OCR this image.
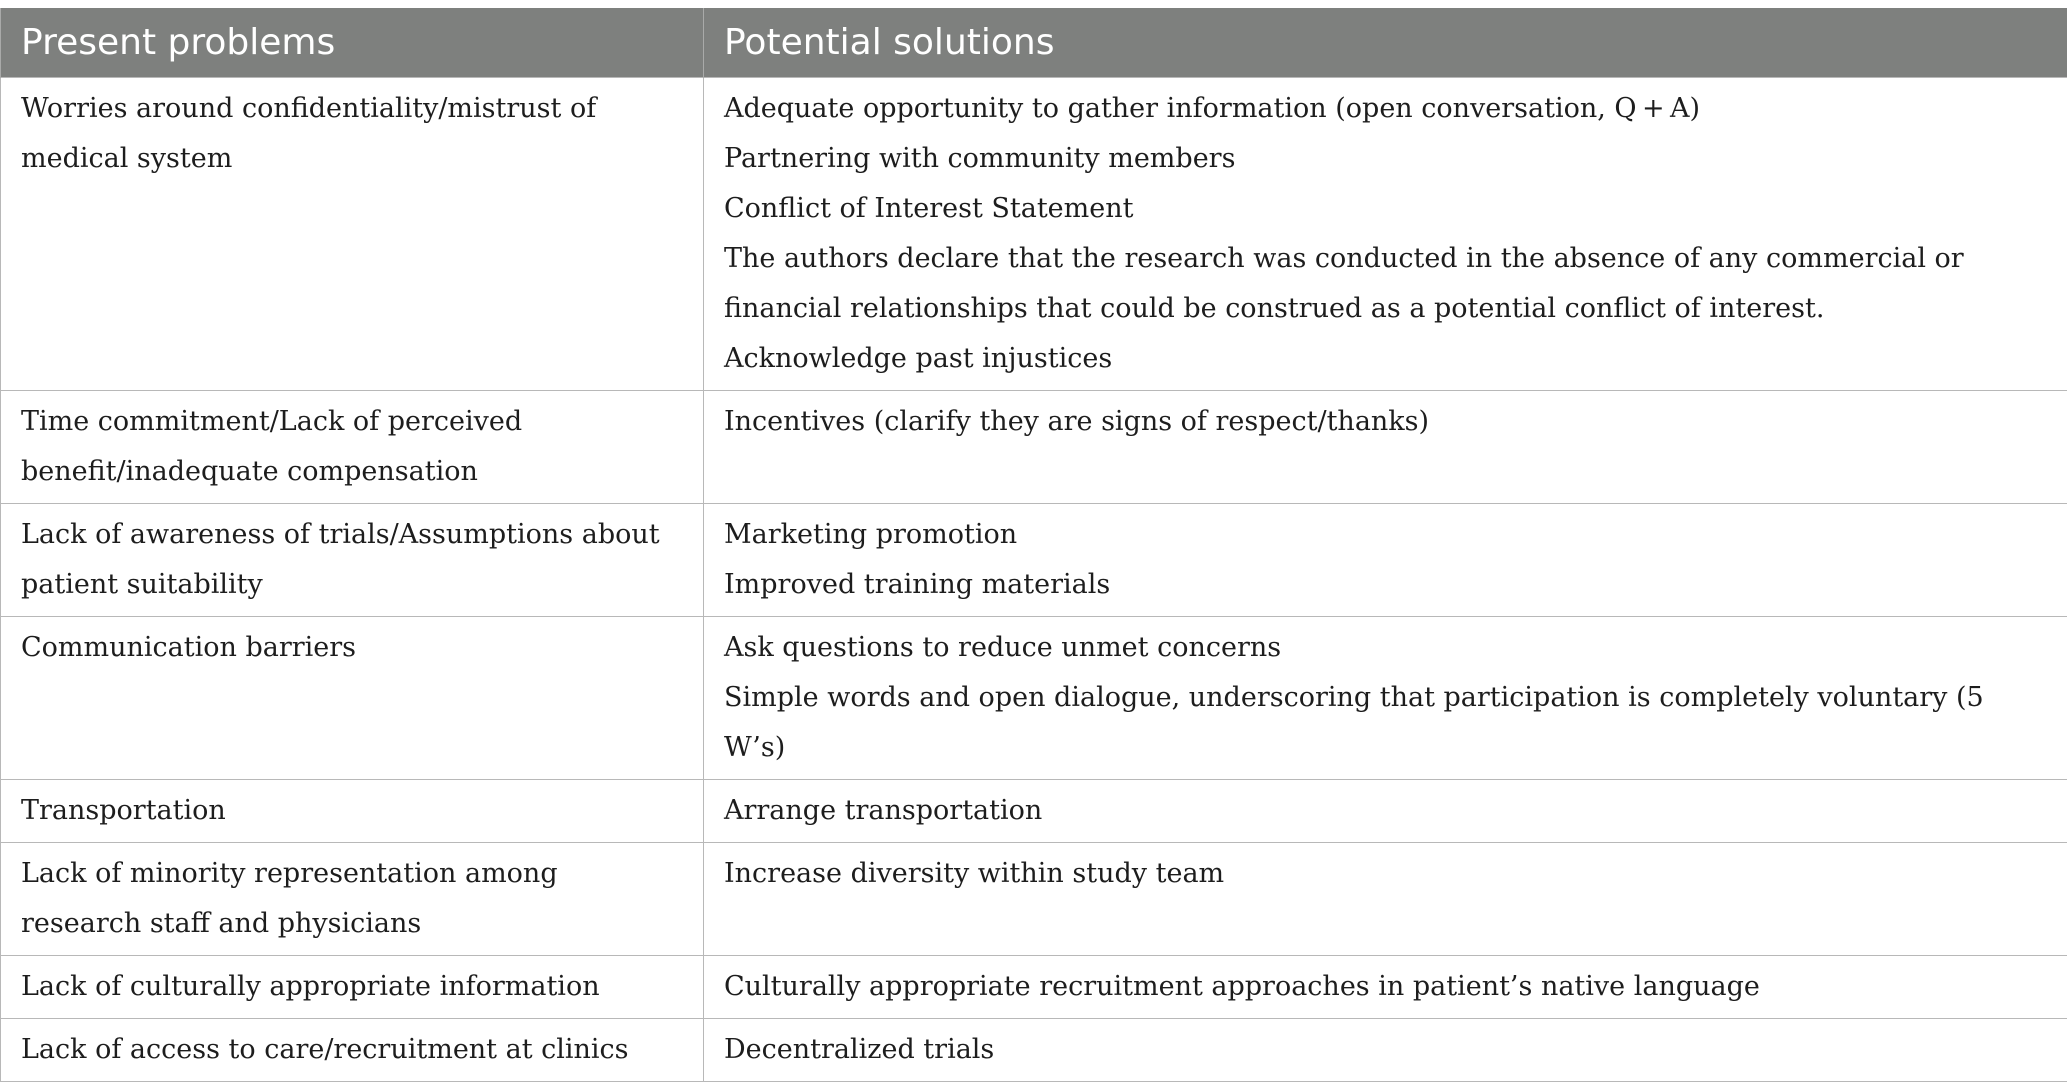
Present problems	Potential solutions
Worries around confidentiality/mistrust of medical system	Adequate opportunity to gather information (open conversation, Q + A)
Partnering with community members
Conflict of Interest Statement
The authors declare that the research was conducted in the absence of any commercial or financial relationships that could be construed as a potential conflict of interest.
Acknowledge past injustices

Time commitment/Lack of perceived benefit/inadequate compensation	Incentives (clarify they are signs of respect/thanks)

Lack of awareness of trials/Assumptions about patient suitability	Marketing promotion
Improved training materials

Communication barriers	Ask questions to reduce unmet concerns
Simple words and open dialogue, underscoring that participation is completely voluntary (5 W’s)

Transportation	Arrange transportation

Lack of minority representation among research staff and physicians	Increase diversity within study team

Lack of culturally appropriate information	Culturally appropriate recruitment approaches in patient’s native language

Lack of access to care/recruitment at clinics	Decentralized trials
